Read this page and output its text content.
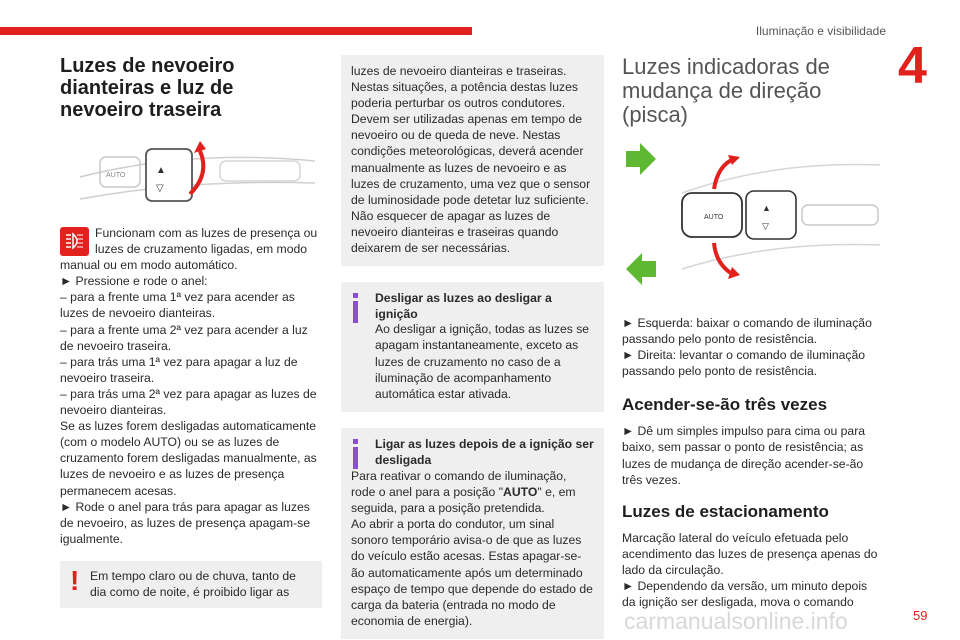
Iluminação e visibilidade
4
Luzes de nevoeiro dianteiras e luz de nevoeiro traseira
AUTO	▲
▽

Funcionam com as luzes de presença ou luzes de cruzamento ligadas, em modo manual ou em modo automático.

► Pressione e rode o anel:

– para a frente uma 1ª vez para acender as luzes de nevoeiro dianteiras.

– para a frente uma 2ª vez para acender a luz de nevoeiro traseira.

– para trás uma 1ª vez para apagar a luz de nevoeiro traseira.

– para trás uma 2ª vez para apagar as luzes de nevoeiro dianteiras.

Se as luzes forem desligadas automaticamente (com o modelo AUTO) ou se as luzes de cruzamento forem desligadas manualmente, as luzes de nevoeiro e as luzes de presença permanecem acesas.

► Rode o anel para trás para apagar as luzes de nevoeiro, as luzes de presença apagam-se igualmente.

! Em tempo claro ou de chuva, tanto de dia como de noite, é proibido ligar as

luzes de nevoeiro dianteiras e traseiras. Nestas situações, a potência destas luzes poderia perturbar os outros condutores. Devem ser utilizadas apenas em tempo de nevoeiro ou de queda de neve. Nestas condições meteorológicas, deverá acender manualmente as luzes de nevoeiro e as luzes de cruzamento, uma vez que o sensor de luminosidade pode detetar luz suficiente. Não esquecer de apagar as luzes de nevoeiro dianteiras e traseiras quando deixarem de ser necessárias.

Desligar as luzes ao desligar a ignição

Ao desligar a ignição, todas as luzes se apagam instantaneamente, exceto as luzes de cruzamento no caso de a iluminação de acompanhamento automática estar ativada.

Ligar as luzes depois de a ignição ser desligada

Para reativar o comando de iluminação, rode o anel para a posição "AUTO" e, em seguida, para a posição pretendida.

Ao abrir a porta do condutor, um sinal sonoro temporário avisa-o de que as luzes do veículo estão acesas. Estas apagar-se-ão automaticamente após um determinado espaço de tempo que depende do estado de carga da bateria (entrada no modo de economia de energia).

Luzes indicadoras de mudança de direção (pisca)
AUTO
▲
▽

► Esquerda: baixar o comando de iluminação passando pelo ponto de resistência.

► Direita: levantar o comando de iluminação passando pelo ponto de resistência.

Acender-se-ão três vezes

► Dê um simples impulso para cima ou para baixo, sem passar o ponto de resistência; as luzes de mudança de direção acender-se-ão três vezes.

Luzes de estacionamento

Marcação lateral do veículo efetuada pelo acendimento das luzes de presença apenas do lado da circulação.

► Dependendo da versão, um minuto depois da ignição ser desligada, mova o comando

carmanualsonline.info	59
